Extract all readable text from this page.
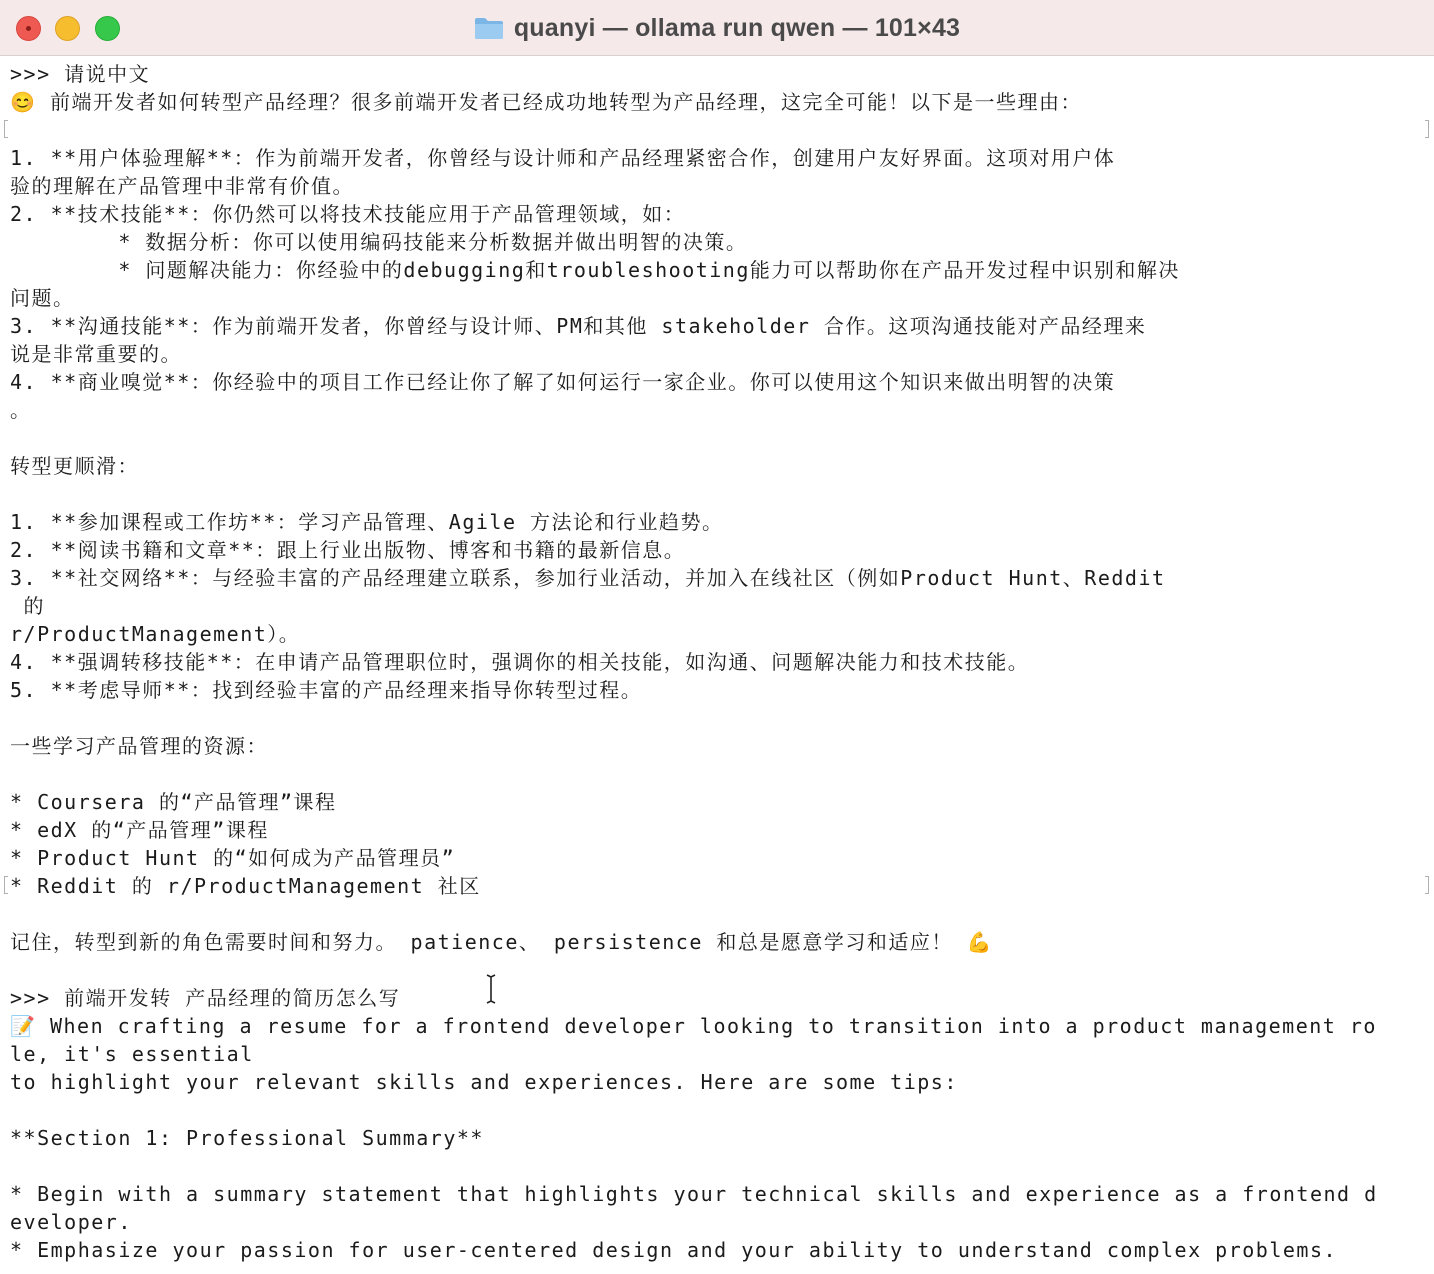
quanyi — ollama run qwen — 101×43
>>> 请说中文
😊 前端开发者如何转型产品经理？很多前端开发者已经成功地转型为产品经理，这完全可能！以下是一些理由：
1. **用户体验理解**：作为前端开发者，你曾经与设计师和产品经理紧密合作，创建用户友好界面。这项对用户体
验的理解在产品管理中非常有价值。
2. **技术技能**：你仍然可以将技术技能应用于产品管理领域，如：
* 数据分析：你可以使用编码技能来分析数据并做出明智的决策。
* 问题解决能力：你经验中的debugging和troubleshooting能力可以帮助你在产品开发过程中识别和解决
问题。
3. **沟通技能**：作为前端开发者，你曾经与设计师、PM和其他 stakeholder 合作。这项沟通技能对产品经理来
说是非常重要的。
4. **商业嗅觉**：你经验中的项目工作已经让你了解了如何运行一家企业。你可以使用这个知识来做出明智的决策
。
转型更顺滑：
1. **参加课程或工作坊**：学习产品管理、Agile 方法论和行业趋势。
2. **阅读书籍和文章**：跟上行业出版物、博客和书籍的最新信息。
3. **社交网络**：与经验丰富的产品经理建立联系，参加行业活动，并加入在线社区（例如Product Hunt、Reddit
的
r/ProductManagement）。
4. **强调转移技能**：在申请产品管理职位时，强调你的相关技能，如沟通、问题解决能力和技术技能。
5. **考虑导师**：找到经验丰富的产品经理来指导你转型过程。
一些学习产品管理的资源：
* Coursera 的“产品管理”课程
* edX 的“产品管理”课程
* Product Hunt 的“如何成为产品管理员”
* Reddit 的 r/ProductManagement 社区
记住，转型到新的角色需要时间和努力。 patience、 persistence 和总是愿意学习和适应！ 💪
>>> 前端开发转 产品经理的简历怎么写
📝 When crafting a resume for a frontend developer looking to transition into a product management ro
le, it's essential
to highlight your relevant skills and experiences. Here are some tips:
**Section 1: Professional Summary**
* Begin with a summary statement that highlights your technical skills and experience as a frontend d
eveloper.
* Emphasize your passion for user-centered design and your ability to understand complex problems.
